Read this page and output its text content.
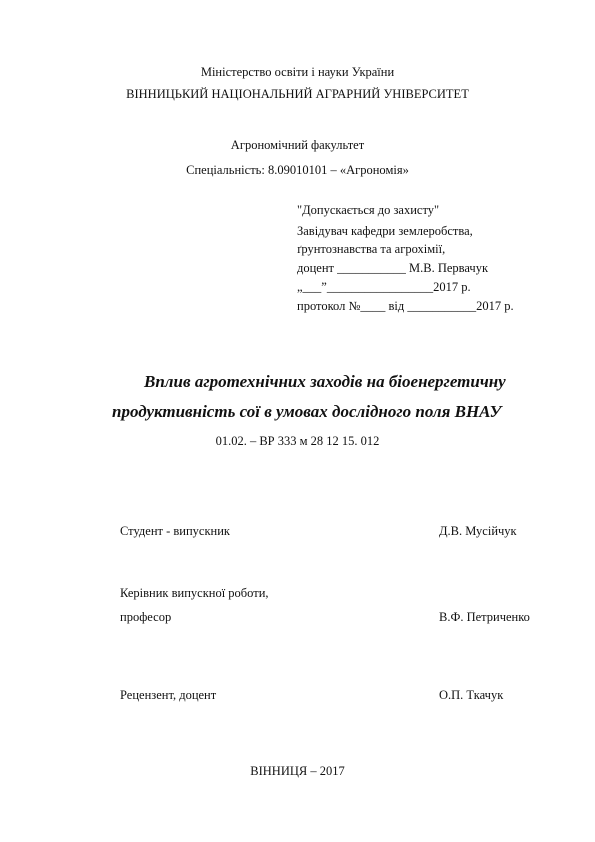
Міністерство освіти і науки України
ВІННИЦЬКИЙ НАЦІОНАЛЬНИЙ АГРАРНИЙ УНІВЕРСИТЕТ
Агрономічний факультет
Спеціальність: 8.09010101 – «Агрономія»
"Допускається до захисту"
Завідувач кафедри землеробства,
ґрунтознавства та агрохімії,
доцент ___________ М.В. Первачук
„___”_________________2017 р.
протокол №____ від ___________2017 р.
Вплив агротехнічних заходів на біоенергетичну
продуктивність сої в умовах дослідного поля ВНАУ
01.02. – ВР 333 м 28 12 15. 012
Студент - випускник	Д.В. Мусійчук
Керівник випускної роботи,
професор	В.Ф. Петриченко
Рецензент, доцент	О.П. Ткачук
ВІННИЦЯ – 2017
